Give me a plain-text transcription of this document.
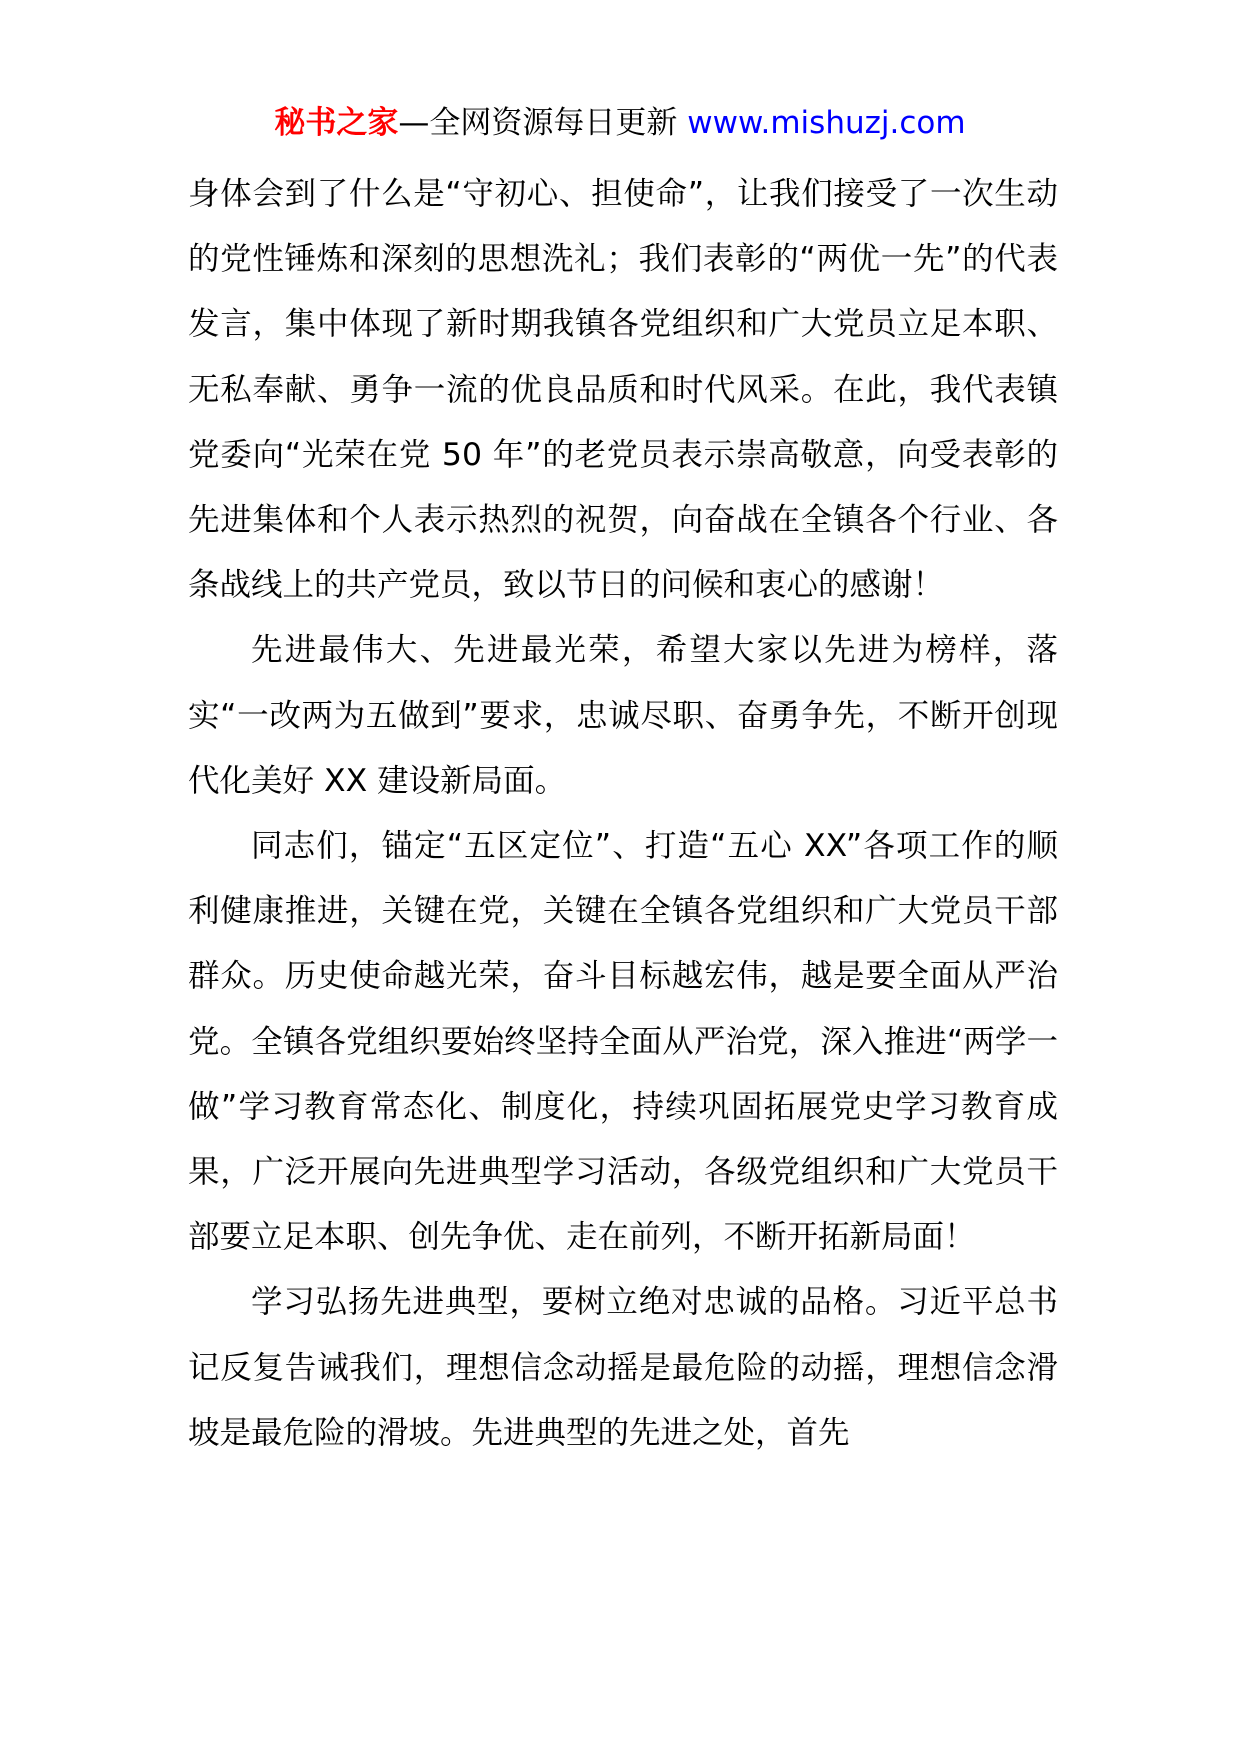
秘书之家—全网资源每日更新 www.mishuzj.com

身体会到了什么是“守初心、担使命”，让我们接受了一次生动的党性锤炼和深刻的思想洗礼；我们表彰的“两优一先”的代表发言，集中体现了新时期我镇各党组织和广大党员立足本职、无私奉献、勇争一流的优良品质和时代风采。在此，我代表镇党委向“光荣在党 50 年”的老党员表示崇高敬意，向受表彰的先进集体和个人表示热烈的祝贺，向奋战在全镇各个行业、各条战线上的共产党员，致以节日的问候和衷心的感谢！

先进最伟大、先进最光荣，希望大家以先进为榜样，落实“一改两为五做到”要求，忠诚尽职、奋勇争先，不断开创现代化美好 XX 建设新局面。

同志们，锚定“五区定位”、打造“五心 XX”各项工作的顺利健康推进，关键在党，关键在全镇各党组织和广大党员干部群众。历史使命越光荣，奋斗目标越宏伟，越是要全面从严治党。全镇各党组织要始终坚持全面从严治党，深入推进“两学一做”学习教育常态化、制度化，持续巩固拓展党史学习教育成果，广泛开展向先进典型学习活动，各级党组织和广大党员干部要立足本职、创先争优、走在前列，不断开拓新局面！

学习弘扬先进典型，要树立绝对忠诚的品格。习近平总书记反复告诫我们，理想信念动摇是最危险的动摇，理想信念滑坡是最危险的滑坡。先进典型的先进之处，首先
